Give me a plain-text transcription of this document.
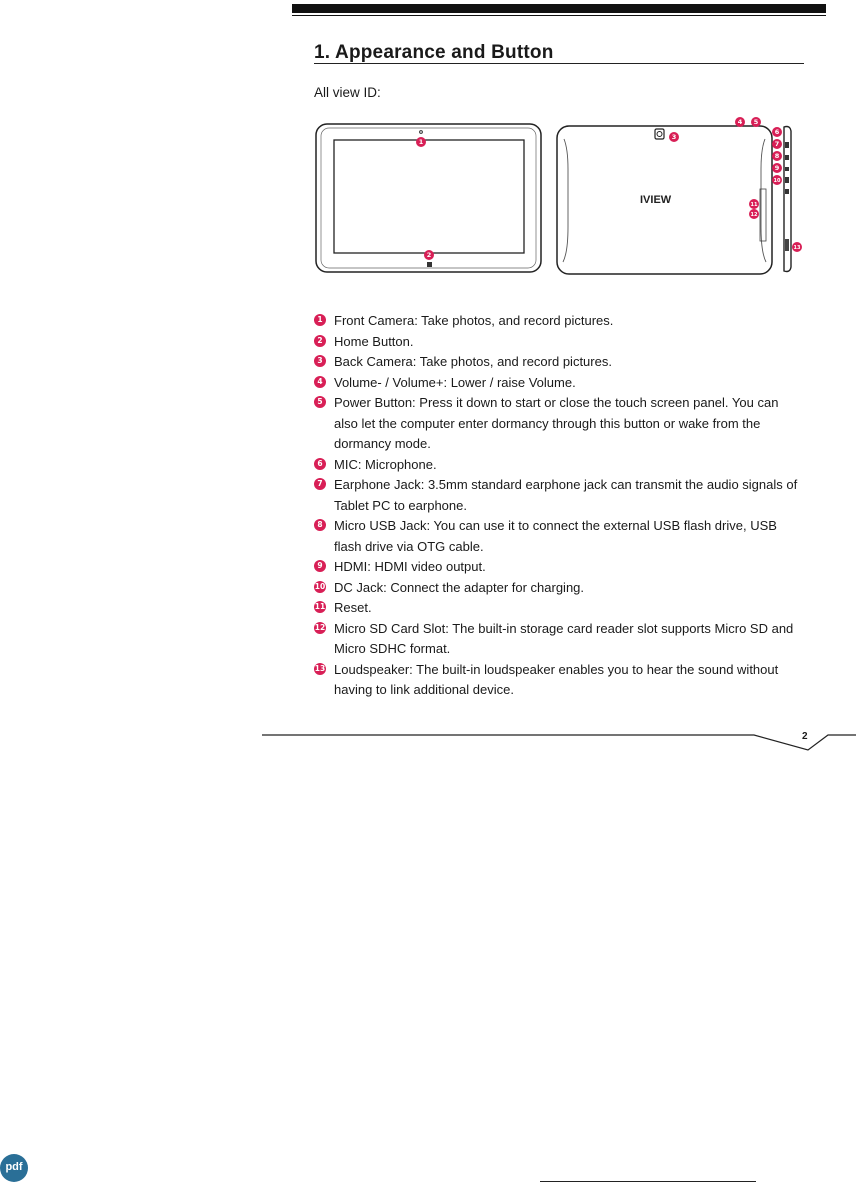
1. Appearance and Button
All view ID:
IVIEW
1
2
3
4 5
6
7
8
9
10
11
12
13
1 Front Camera: Take photos, and record pictures.
2 Home Button.
3 Back Camera: Take photos, and record pictures.
4 Volume- / Volume+: Lower / raise Volume.
5 Power Button: Press it down to start or close the touch screen panel. You can also let the computer enter dormancy through this button or wake from the dormancy mode.
6 MIC: Microphone.
7 Earphone Jack: 3.5mm standard earphone jack can transmit the audio signals of Tablet PC to earphone.
8 Micro USB Jack: You can use it to connect the external USB flash drive, USB flash drive via OTG cable.
9 HDMI: HDMI video output.
10 DC Jack: Connect the adapter for charging.
11 Reset.
12 Micro SD Card Slot: The built-in storage card reader slot supports Micro SD and Micro SDHC format.
13 Loudspeaker: The built-in loudspeaker enables you to hear the sound without having to link additional device.
2
pdf
